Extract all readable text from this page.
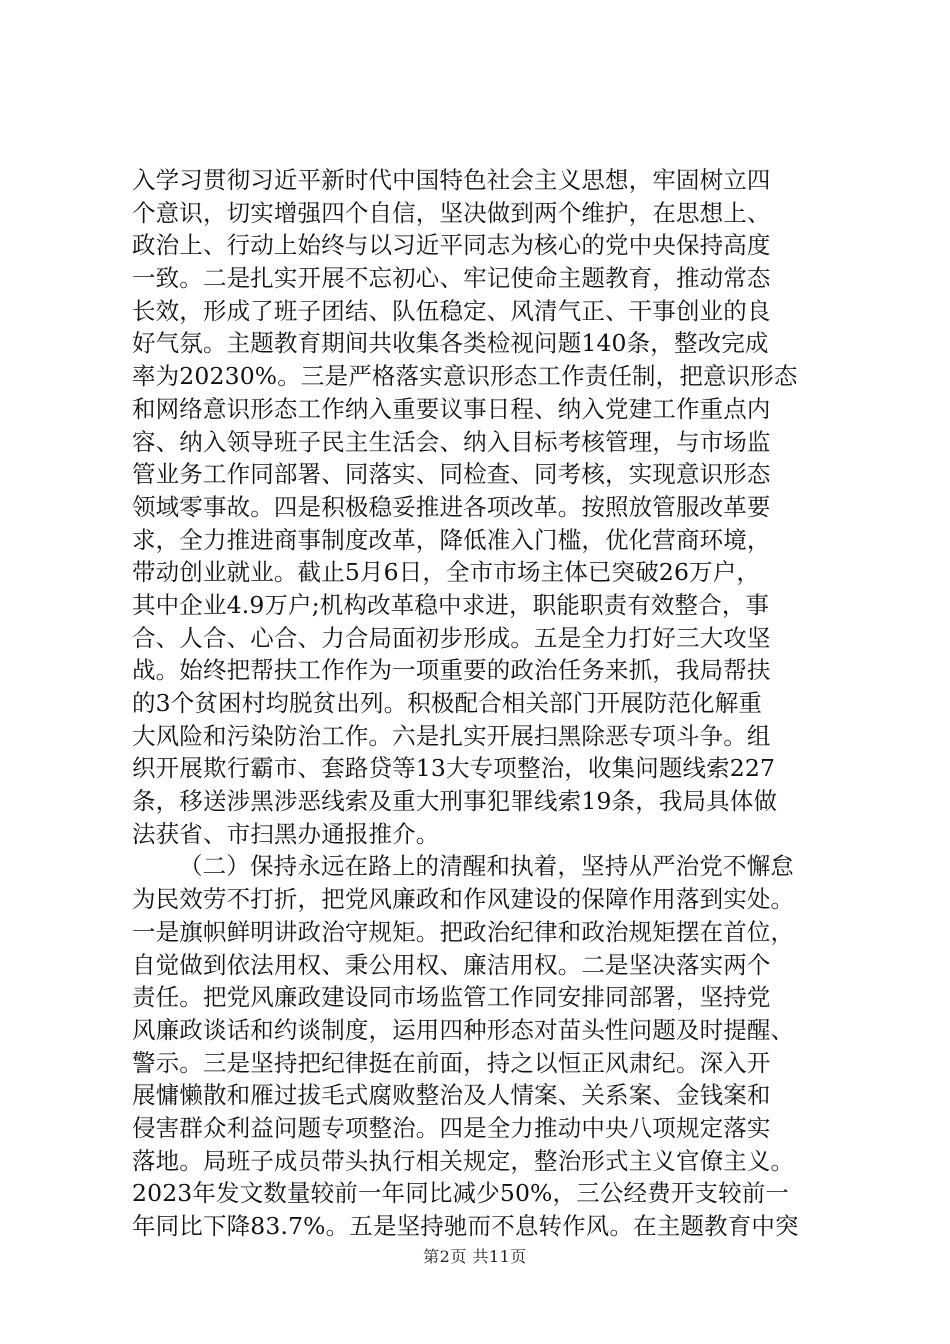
入学习贯彻习近平新时代中国特色社会主义思想，牢固树立四
个意识，切实增强四个自信，坚决做到两个维护，在思想上、
政治上、行动上始终与以习近平同志为核心的党中央保持高度
一致。二是扎实开展不忘初心、牢记使命主题教育，推动常态
长效，形成了班子团结、队伍稳定、风清气正、干事创业的良
好气氛。主题教育期间共收集各类检视问题140条，整改完成
率为20230%。三是严格落实意识形态工作责任制，把意识形态
和网络意识形态工作纳入重要议事日程、纳入党建工作重点内
容、纳入领导班子民主生活会、纳入目标考核管理，与市场监
管业务工作同部署、同落实、同检查、同考核，实现意识形态
领域零事故。四是积极稳妥推进各项改革。按照放管服改革要
求，全力推进商事制度改革，降低准入门槛，优化营商环境，
带动创业就业。截止5月6日，全市市场主体已突破26万户，
其中企业4.9万户;机构改革稳中求进，职能职责有效整合，事
合、人合、心合、力合局面初步形成。五是全力打好三大攻坚
战。始终把帮扶工作作为一项重要的政治任务来抓，我局帮扶
的3个贫困村均脱贫出列。积极配合相关部门开展防范化解重
大风险和污染防治工作。六是扎实开展扫黑除恶专项斗争。组
织开展欺行霸市、套路贷等13大专项整治，收集问题线索227
条，移送涉黑涉恶线索及重大刑事犯罪线索19条，我局具体做
法获省、市扫黑办通报推介。
（二）保持永远在路上的清醒和执着，坚持从严治党不懈怠
为民效劳不打折，把党风廉政和作风建设的保障作用落到实处。
一是旗帜鲜明讲政治守规矩。把政治纪律和政治规矩摆在首位，
自觉做到依法用权、秉公用权、廉洁用权。二是坚决落实两个
责任。把党风廉政建设同市场监管工作同安排同部署，坚持党
风廉政谈话和约谈制度，运用四种形态对苗头性问题及时提醒、
警示。三是坚持把纪律挺在前面，持之以恒正风肃纪。深入开
展慵懒散和雁过拔毛式腐败整治及人情案、关系案、金钱案和
侵害群众利益问题专项整治。四是全力推动中央八项规定落实
落地。局班子成员带头执行相关规定，整治形式主义官僚主义。
2023年发文数量较前一年同比减少50%，三公经费开支较前一
年同比下降83.7%。五是坚持驰而不息转作风。在主题教育中突
第2页 共11页
